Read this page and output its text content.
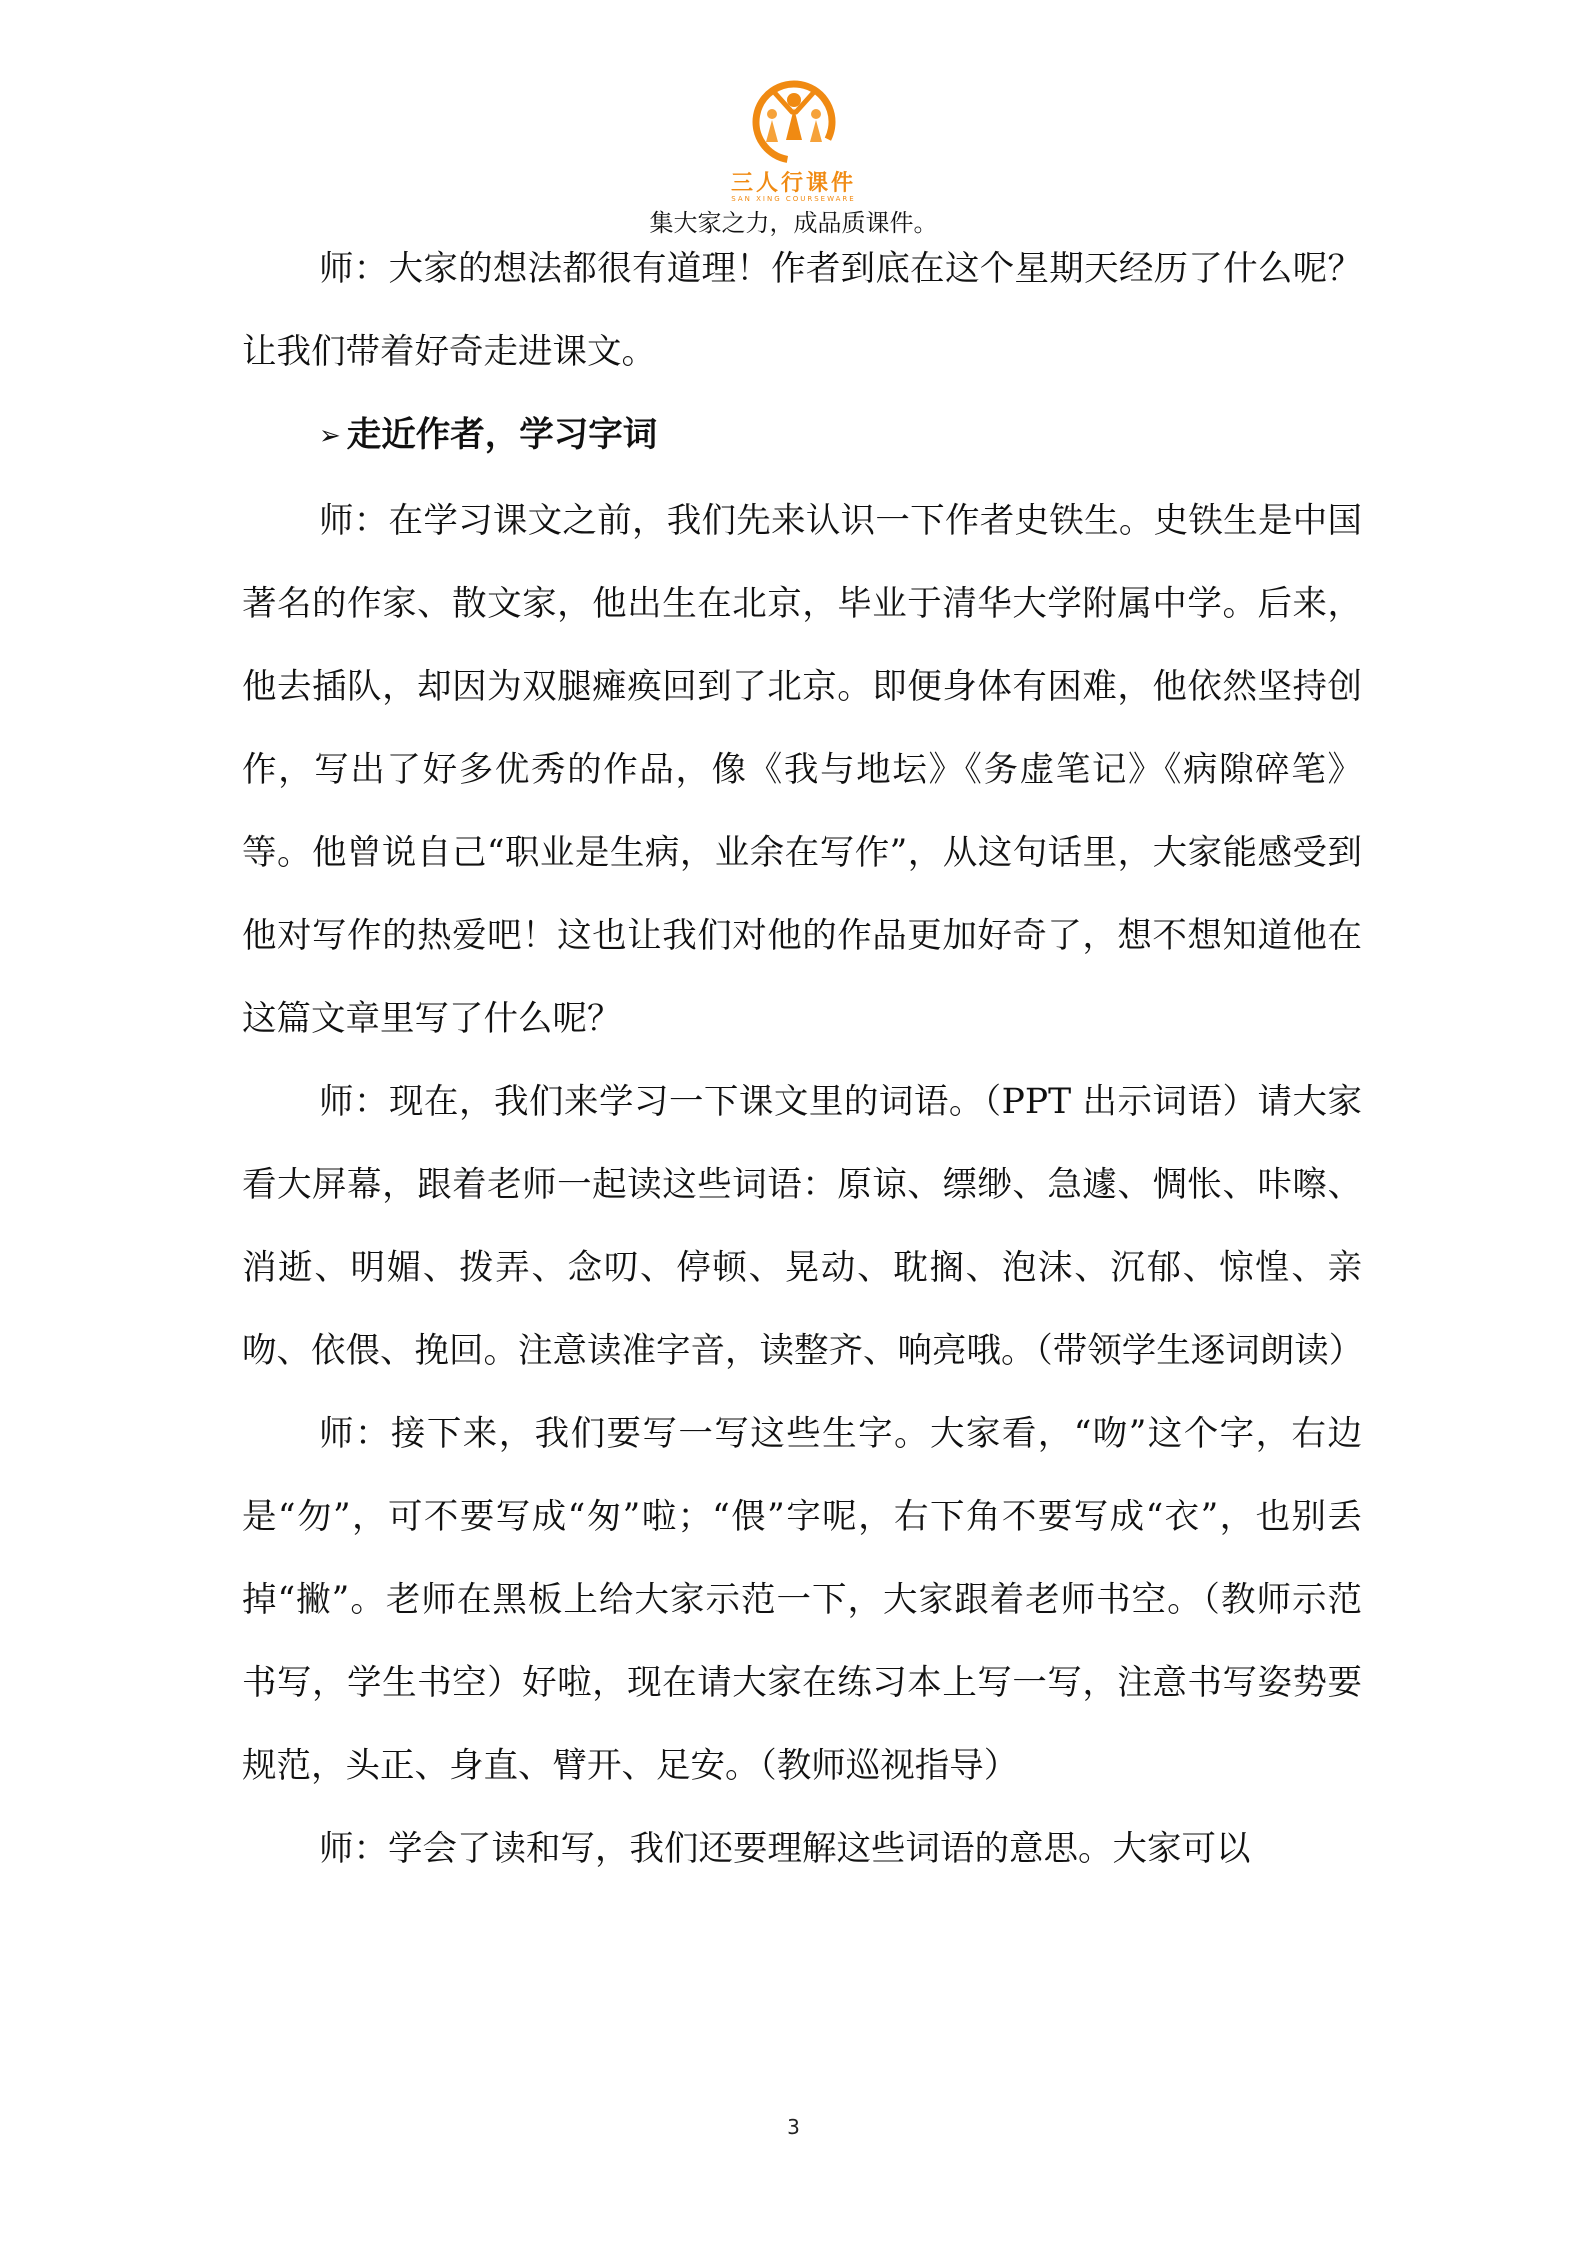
三人行课件
SAN XING COURSEWARE
集大家之力，成品质课件。

师：大家的想法都很有道理！作者到底在这个星期天经历了什么呢？让我们带着好奇走进课文。

➢ 走近作者，学习字词

师：在学习课文之前，我们先来认识一下作者史铁生。史铁生是中国著名的作家、散文家，他出生在北京，毕业于清华大学附属中学。后来，他去插队，却因为双腿瘫痪回到了北京。即便身体有困难，他依然坚持创作，写出了好多优秀的作品，像《我与地坛》《务虚笔记》《病隙碎笔》等。他曾说自己“职业是生病，业余在写作”，从这句话里，大家能感受到他对写作的热爱吧！这也让我们对他的作品更加好奇了，想不想知道他在这篇文章里写了什么呢？

师：现在，我们来学习一下课文里的词语。（PPT 出示词语）请大家看大屏幕，跟着老师一起读这些词语：原谅、缥缈、急遽、惆怅、咔嚓、消逝、明媚、拨弄、念叨、停顿、晃动、耽搁、泡沫、沉郁、惊惶、亲吻、依偎、挽回。注意读准字音，读整齐、响亮哦。（带领学生逐词朗读）

师：接下来，我们要写一写这些生字。大家看，“吻”这个字，右边是“勿”，可不要写成“匆”啦；“偎”字呢，右下角不要写成“衣”，也别丢掉“撇”。老师在黑板上给大家示范一下，大家跟着老师书空。（教师示范书写，学生书空）好啦，现在请大家在练习本上写一写，注意书写姿势要规范，头正、身直、臂开、足安。（教师巡视指导）

师：学会了读和写，我们还要理解这些词语的意思。大家可以

3
